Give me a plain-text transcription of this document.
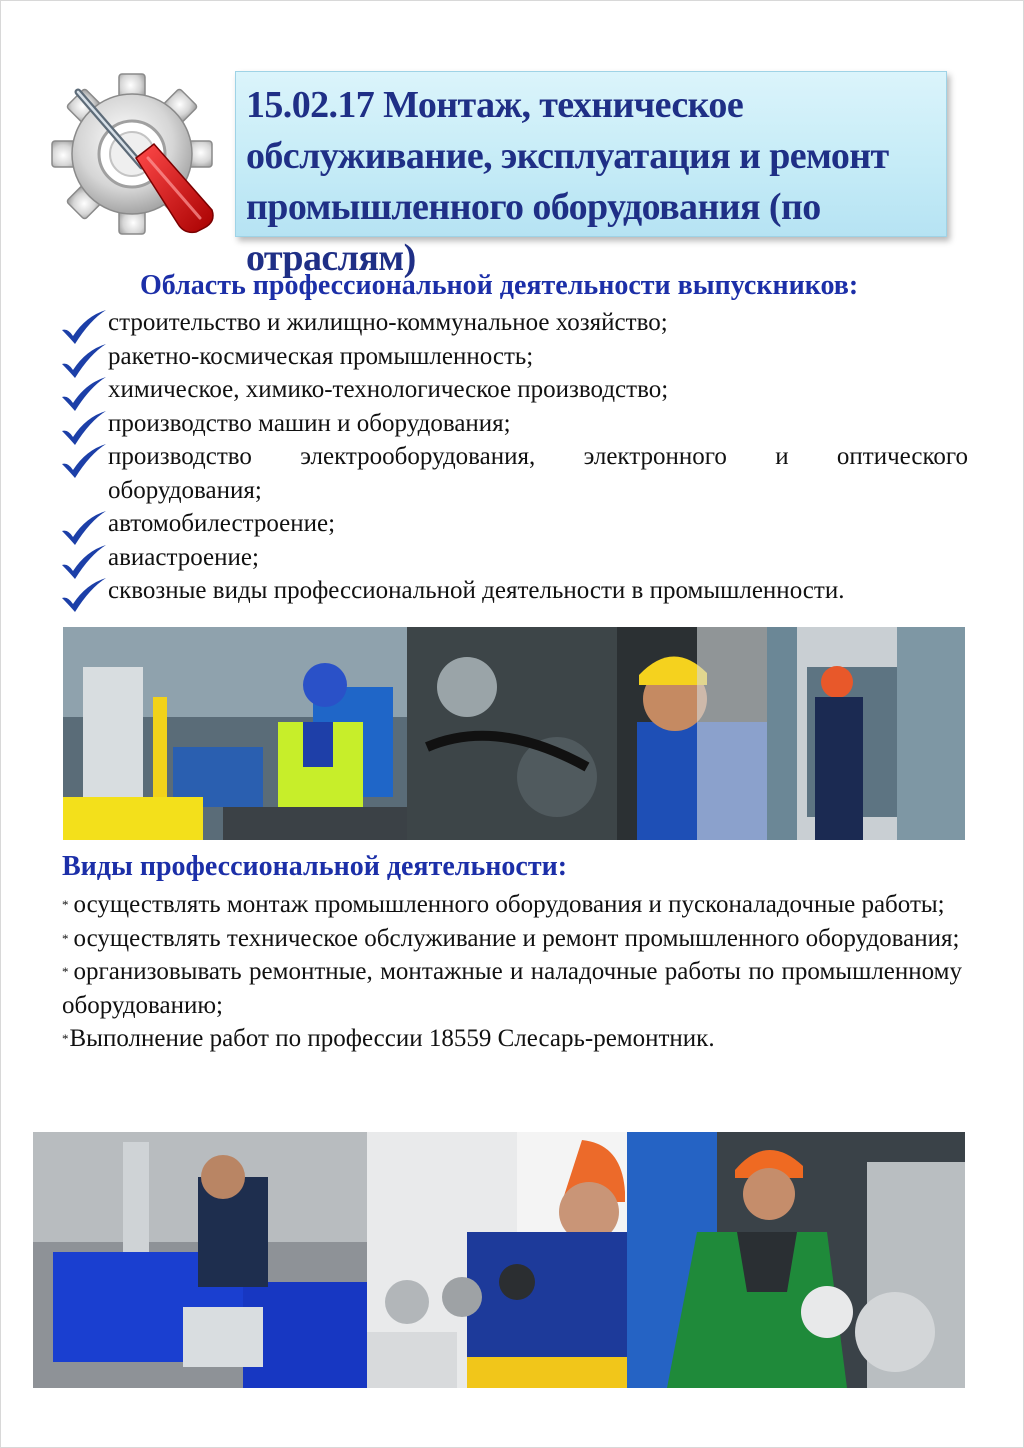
15.02.17 Монтаж, техническое обслуживание, эксплуатация и ремонт промышленного оборудования (по отраслям)
Область профессиональной деятельности выпускников:
строительство и жилищно-коммунальное хозяйство;
ракетно-космическая промышленность;
химическое, химико-технологическое производство;
производство машин и оборудования;
производство электрооборудования, электронного и оптического
оборудования;
автомобилестроение;
авиастроение;
сквозные виды профессиональной деятельности в промышленности.
Виды профессиональной деятельности:
* осуществлять монтаж промышленного оборудования и пусконаладочные работы;
* осуществлять техническое обслуживание и ремонт промышленного оборудования;
* организовывать ремонтные, монтажные и наладочные работы по промышленному оборудованию;
*Выполнение работ по профессии 18559 Слесарь-ремонтник.
